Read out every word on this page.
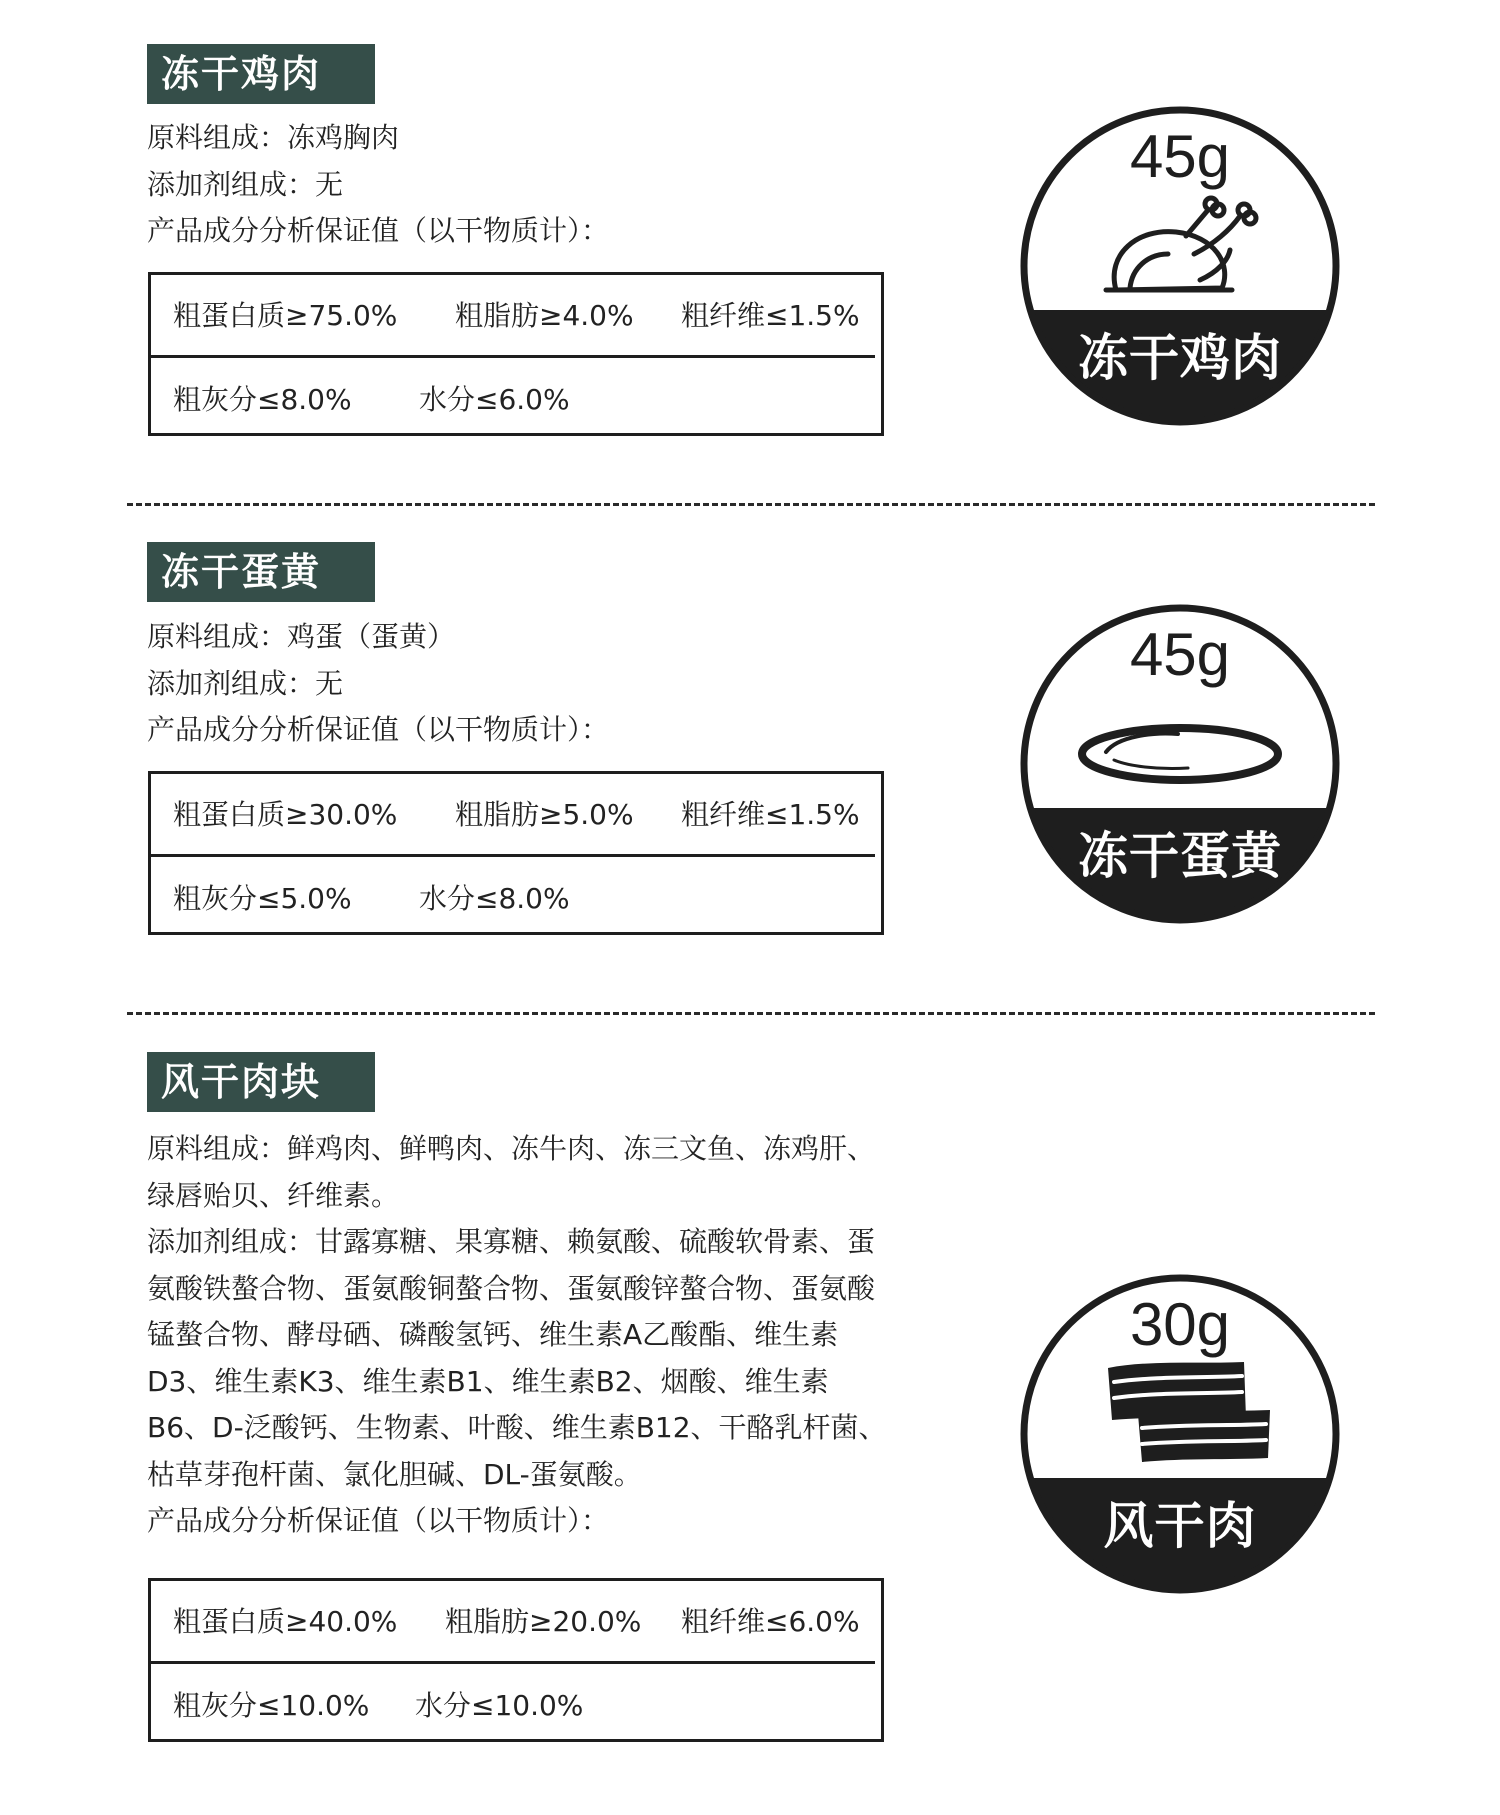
冻干鸡肉
原料组成：冻鸡胸肉
添加剂组成：无
产品成分分析保证值（以干物质计）：
粗蛋白质≥75.0%	粗脂肪≥4.0%	粗纤维≤1.5%
粗灰分≤8.0%	水分≤6.0%
45g
冻干鸡肉
冻干蛋黄
原料组成：鸡蛋（蛋黄）
添加剂组成：无
产品成分分析保证值（以干物质计）：
粗蛋白质≥30.0%	粗脂肪≥5.0%	粗纤维≤1.5%
粗灰分≤5.0%	水分≤8.0%
45g
冻干蛋黄
风干肉块
原料组成：鲜鸡肉、鲜鸭肉、冻牛肉、冻三文鱼、冻鸡肝、绿唇贻贝、纤维素。
添加剂组成：甘露寡糖、果寡糖、赖氨酸、硫酸软骨素、蛋氨酸铁螯合物、蛋氨酸铜螯合物、蛋氨酸锌螯合物、蛋氨酸锰螯合物、酵母硒、磷酸氢钙、维生素A乙酸酯、维生素D3、维生素K3、维生素B1、维生素B2、烟酸、维生素B6、D-泛酸钙、生物素、叶酸、维生素B12、干酪乳杆菌、枯草芽孢杆菌、氯化胆碱、DL-蛋氨酸。
产品成分分析保证值（以干物质计）：
粗蛋白质≥40.0%	粗脂肪≥20.0%	粗纤维≤6.0%
粗灰分≤10.0%	水分≤10.0%
30g
风干肉
